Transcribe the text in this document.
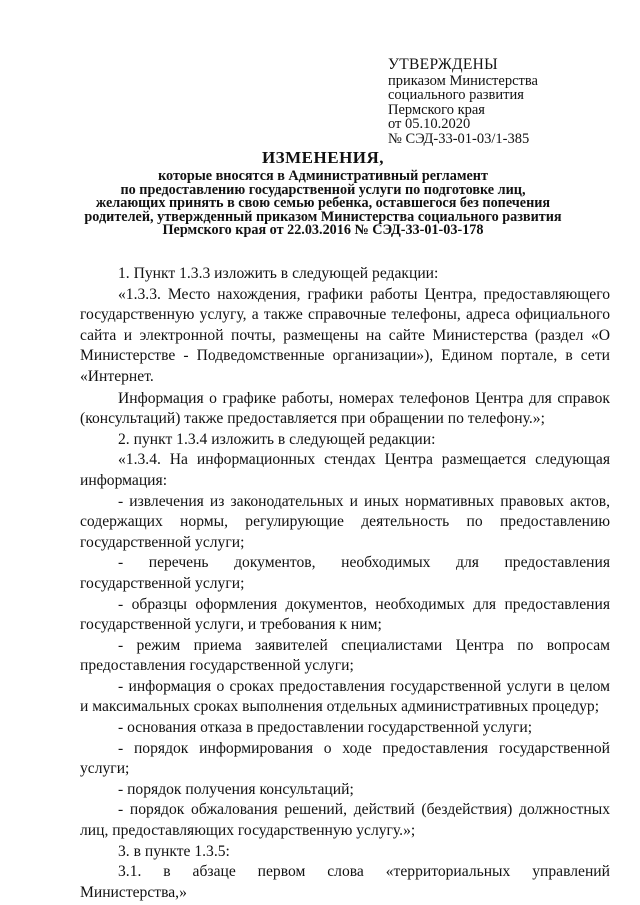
УТВЕРЖДЕНЫ
приказом Министерства
социального развития
Пермского края
от 05.10.2020
№ СЭД-33-01-03/1-385
ИЗМЕНЕНИЯ,
которые вносятся в Административный регламент
по предоставлению государственной услуги по подготовке лиц,
желающих принять в свою семью ребенка, оставшегося без попечения
родителей, утвержденный приказом Министерства социального развития
Пермского края от 22.03.2016 № СЭД-33-01-03-178

1. Пункт 1.3.3 изложить в следующей редакции:

«1.3.3. Место нахождения, графики работы Центра, предоставляющего государственную услугу, а также справочные телефоны, адреса официального сайта и электронной почты, размещены на сайте Министерства (раздел «О Министерстве - Подведомственные организации»), Едином портале, в сети «Интернет.

Информация о графике работы, номерах телефонов Центра для справок (консультаций) также предоставляется при обращении по телефону.»;

2. пункт 1.3.4 изложить в следующей редакции:

«1.3.4. На информационных стендах Центра размещается следующая информация:

- извлечения из законодательных и иных нормативных правовых актов, содержащих нормы, регулирующие деятельность по предоставлению государственной услуги;

- перечень документов, необходимых для предоставления государственной услуги;

- образцы оформления документов, необходимых для предоставления государственной услуги, и требования к ним;

- режим приема заявителей специалистами Центра по вопросам предоставления государственной услуги;

- информация о сроках предоставления государственной услуги в целом и максимальных сроках выполнения отдельных административных процедур;

- основания отказа в предоставлении государственной услуги;

- порядок информирования о ходе предоставления государственной услуги;

- порядок получения консультаций;

- порядок обжалования решений, действий (бездействия) должностных лиц, предоставляющих государственную услугу.»;

3. в пункте 1.3.5:

3.1. в абзаце первом слова «территориальных управлений Министерства,»
